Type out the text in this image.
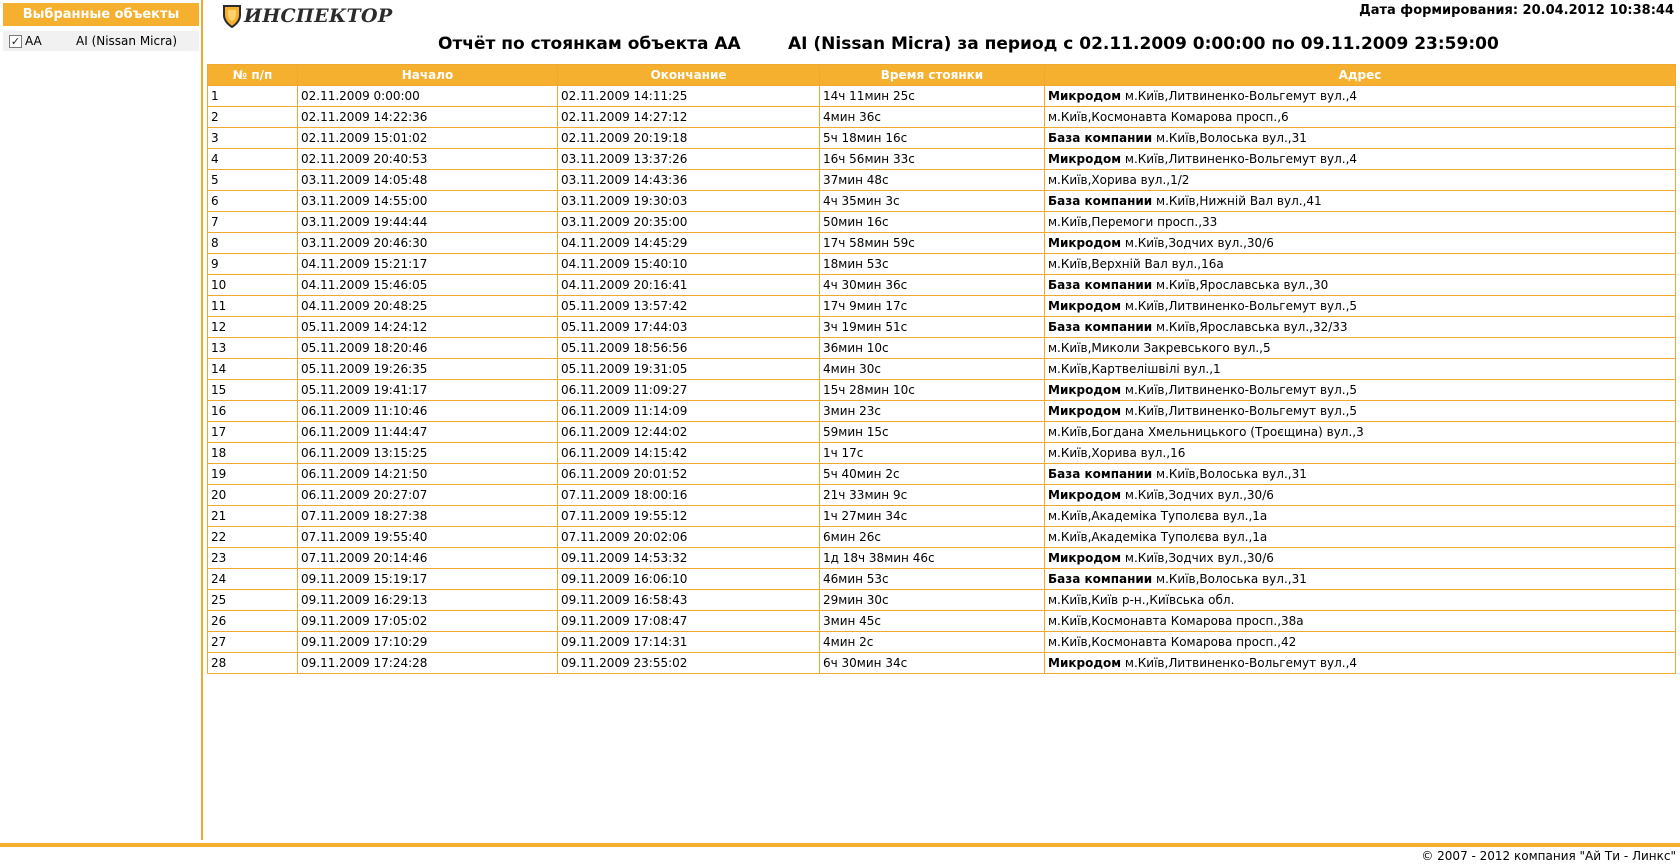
Выбранные объекты
✓ AA	AI (Nissan Micra)
ИНСПЕКТОР	Дата формирования: 20.04.2012 10:38:44
Отчёт по стоянкам объекта АА        AI (Nissan Micra) за период с 02.11.2009 0:00:00 по 09.11.2009 23:59:00
№ п/п	Начало	Окончание	Время стоянки	Адрес
1	02.11.2009 0:00:00	02.11.2009 14:11:25	14ч 11мин 25с	Микродом м.Київ,Литвиненко-Вольгемут вул.,4
2	02.11.2009 14:22:36	02.11.2009 14:27:12	4мин 36с	м.Київ,Космонавта Комарова просп.,6
3	02.11.2009 15:01:02	02.11.2009 20:19:18	5ч 18мин 16с	База компании м.Київ,Волоська вул.,31
4	02.11.2009 20:40:53	03.11.2009 13:37:26	16ч 56мин 33с	Микродом м.Київ,Литвиненко-Вольгемут вул.,4
5	03.11.2009 14:05:48	03.11.2009 14:43:36	37мин 48с	м.Київ,Хорива вул.,1/2
6	03.11.2009 14:55:00	03.11.2009 19:30:03	4ч 35мин 3с	База компании м.Київ,Нижній Вал вул.,41
7	03.11.2009 19:44:44	03.11.2009 20:35:00	50мин 16с	м.Київ,Перемоги просп.,33
8	03.11.2009 20:46:30	04.11.2009 14:45:29	17ч 58мин 59с	Микродом м.Київ,Зодчих вул.,30/6
9	04.11.2009 15:21:17	04.11.2009 15:40:10	18мин 53с	м.Київ,Верхній Вал вул.,16а
10	04.11.2009 15:46:05	04.11.2009 20:16:41	4ч 30мин 36с	База компании м.Київ,Ярославська вул.,30
11	04.11.2009 20:48:25	05.11.2009 13:57:42	17ч 9мин 17с	Микродом м.Київ,Литвиненко-Вольгемут вул.,5
12	05.11.2009 14:24:12	05.11.2009 17:44:03	3ч 19мин 51с	База компании м.Київ,Ярославська вул.,32/33
13	05.11.2009 18:20:46	05.11.2009 18:56:56	36мин 10с	м.Київ,Миколи Закревського вул.,5
14	05.11.2009 19:26:35	05.11.2009 19:31:05	4мин 30с	м.Київ,Картвелішвілі вул.,1
15	05.11.2009 19:41:17	06.11.2009 11:09:27	15ч 28мин 10с	Микродом м.Київ,Литвиненко-Вольгемут вул.,5
16	06.11.2009 11:10:46	06.11.2009 11:14:09	3мин 23с	Микродом м.Київ,Литвиненко-Вольгемут вул.,5
17	06.11.2009 11:44:47	06.11.2009 12:44:02	59мин 15с	м.Київ,Богдана Хмельницького (Троєщина) вул.,3
18	06.11.2009 13:15:25	06.11.2009 14:15:42	1ч 17с	м.Київ,Хорива вул.,16
19	06.11.2009 14:21:50	06.11.2009 20:01:52	5ч 40мин 2с	База компании м.Київ,Волоська вул.,31
20	06.11.2009 20:27:07	07.11.2009 18:00:16	21ч 33мин 9с	Микродом м.Київ,Зодчих вул.,30/6
21	07.11.2009 18:27:38	07.11.2009 19:55:12	1ч 27мин 34с	м.Київ,Академіка Туполєва вул.,1а
22	07.11.2009 19:55:40	07.11.2009 20:02:06	6мин 26с	м.Київ,Академіка Туполєва вул.,1а
23	07.11.2009 20:14:46	09.11.2009 14:53:32	1д 18ч 38мин 46с	Микродом м.Київ,Зодчих вул.,30/6
24	09.11.2009 15:19:17	09.11.2009 16:06:10	46мин 53с	База компании м.Київ,Волоська вул.,31
25	09.11.2009 16:29:13	09.11.2009 16:58:43	29мин 30с	м.Київ,Київ р-н.,Київська обл.
26	09.11.2009 17:05:02	09.11.2009 17:08:47	3мин 45с	м.Київ,Космонавта Комарова просп.,38а
27	09.11.2009 17:10:29	09.11.2009 17:14:31	4мин 2с	м.Київ,Космонавта Комарова просп.,42
28	09.11.2009 17:24:28	09.11.2009 23:55:02	6ч 30мин 34с	Микродом м.Київ,Литвиненко-Вольгемут вул.,4
© 2007 - 2012 компания "Ай Ти - Линкс"
